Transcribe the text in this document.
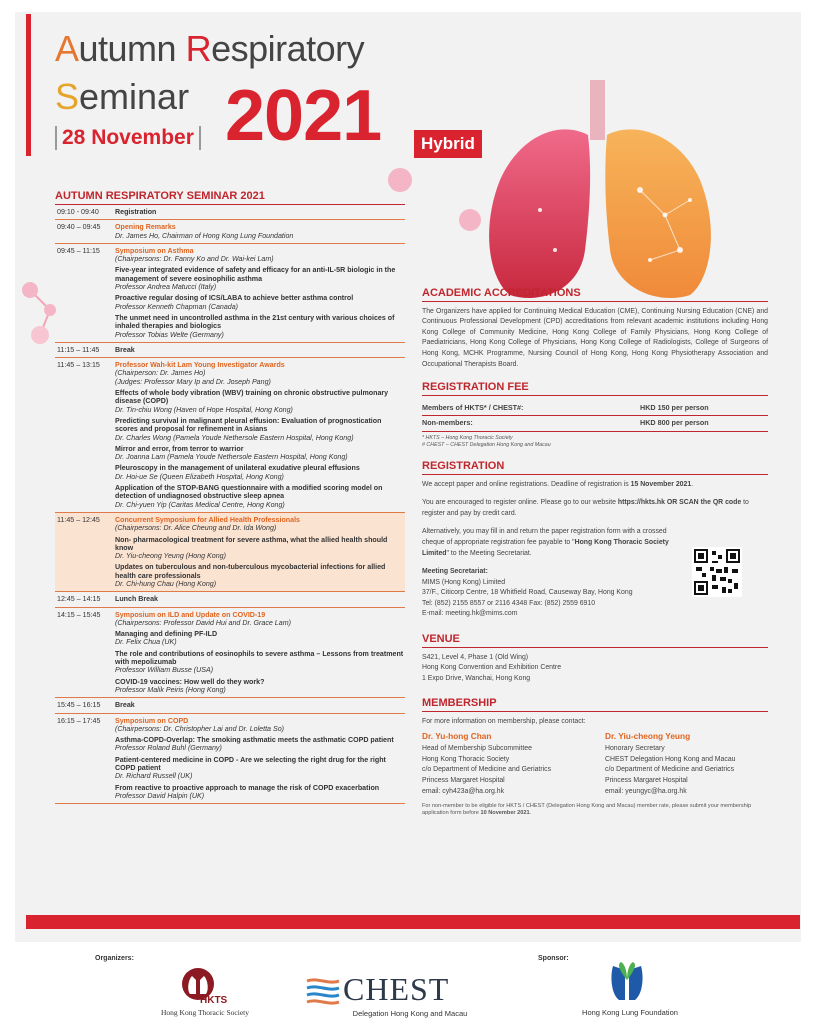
Autumn Respiratory
Seminar 2021
28 November	Hybrid
AUTUMN RESPIRATORY SEMINAR 2021
09:10 - 09:40	Registration
09:40 – 09:45	Opening Remarks
Dr. James Ho, Chairman of Hong Kong Lung Foundation
09:45 – 11:15	Symposium on Asthma
(Chairpersons: Dr. Fanny Ko and Dr. Wai-kei Lam)
Five-year integrated evidence of safety and efficacy for an anti-IL-5R biologic in the management of severe eosinophilic asthma
Professor Andrea Matucci (Italy)
Proactive regular dosing of ICS/LABA to achieve better asthma control
Professor Kenneth Chapman (Canada)
The unmet need in uncontrolled asthma in the 21st century with various choices of inhaled therapies and biologics
Professor Tobias Welte (Germany)
11:15 – 11:45	Break
11:45 – 13:15	Professor Wah-kit Lam Young Investigator Awards
(Chairperson: Dr. James Ho)
(Judges: Professor Mary Ip and Dr. Joseph Pang)
Effects of whole body vibration (WBV) training on chronic obstructive pulmonary disease (COPD)
Dr. Tin-chiu Wong (Haven of Hope Hospital, Hong Kong)
Predicting survival in malignant pleural effusion: Evaluation of prognostication scores and proposal for refinement in Asians
Dr. Charles Wong (Pamela Youde Nethersole Eastern Hospital, Hong Kong)
Mirror and error, from terror to warrior
Dr. Joanna Lam (Pamela Youde Nethersole Eastern Hospital, Hong Kong)
Pleuroscopy in the management of unilateral exudative pleural effusions
Dr. Hoi-ue Se (Queen Elizabeth Hospital, Hong Kong)
Application of the STOP-BANG questionnaire with a modified scoring model on detection of undiagnosed obstructive sleep apnea
Dr. Chi-yuen Yip (Caritas Medical Centre, Hong Kong)
11:45 – 12:45	Concurrent Symposium for Allied Health Professionals
(Chairpersons: Dr. Alice Cheung and Dr. Ida Wong)
Non- pharmacological treatment for severe asthma, what the allied health should know
Dr. Yiu-cheong Yeung (Hong Kong)
Updates on tuberculous and non-tuberculous mycobacterial infections for allied health care professionals
Dr. Chi-hung Chau (Hong Kong)
12:45 – 14:15	Lunch Break
14:15 – 15:45	Symposium on ILD and Update on COVID-19
(Chairpersons: Professor David Hui and Dr. Grace Lam)
Managing and defining PF-ILD
Dr. Felix Chua (UK)
The role and contributions of eosinophils to severe asthma – Lessons from treatment with mepolizumab
Professor William Busse (USA)
COVID-19 vaccines: How well do they work?
Professor Malik Peiris (Hong Kong)
15:45 – 16:15	Break
16:15 – 17:45	Symposium on COPD
(Chairpersons: Dr. Christopher Lai and Dr. Loletta So)
Asthma-COPD-Overlap: The smoking asthmatic meets the asthmatic COPD patient
Professor Roland Buhl (Germany)
Patient-centered medicine in COPD - Are we selecting the right drug for the right COPD patient
Dr. Richard Russell (UK)
From reactive to proactive approach to manage the risk of COPD exacerbation
Professor David Halpin (UK)
ACADEMIC ACCREDITATIONS

The Organizers have applied for Continuing Medical Education (CME), Continuing Nursing Education (CNE) and Continuous Professional Development (CPD) accreditations from relevant academic institutions including Hong Kong College of Community Medicine, Hong Kong College of Family Physicians, Hong Kong College of Paediatricians, Hong Kong College of Physicians, Hong Kong College of Radiologists, College of Surgeons of Hong Kong, MCHK Programme, Nursing Council of Hong Kong, Hong Kong Physiotherapy Association and Occupational Therapists Board.

REGISTRATION FEE
Members of HKTS* / CHEST#:	HKD 150 per person
Non-members:	HKD 800 per person
* HKTS – Hong Kong Thoracic Society
# CHEST – CHEST Delegation Hong Kong and Macau
REGISTRATION

We accept paper and online registrations. Deadline of registration is 15 November 2021.

You are encouraged to register online. Please go to our website https://hkts.hk OR SCAN the QR code to register and pay by credit card.

Alternatively, you may fill in and return the paper registration form with a crossed cheque of appropriate registration fee payable to "Hong Kong Thoracic Society Limited" to the Meeting Secretariat.

Meeting Secretariat:

MIMS (Hong Kong) Limited
37/F., Citicorp Centre, 18 Whitfield Road, Causeway Bay, Hong Kong
Tel: (852) 2155 8557 or 2116 4348 Fax: (852) 2559 6910
E-mail: meeting.hk@mims.com
VENUE
S421, Level 4, Phase 1 (Old Wing)
Hong Kong Convention and Exhibition Centre
1 Expo Drive, Wanchai, Hong Kong
MEMBERSHIP
For more information on membership, please contact:
Dr. Yu-hong Chan
Head of Membership Subcommittee
Hong Kong Thoracic Society
c/o Department of Medicine and Geriatrics
Princess Margaret Hospital
email: cyh423a@ha.org.hk
Dr. Yiu-cheong Yeung
Honorary Secretary
CHEST Delegation Hong Kong and Macau
c/o Department of Medicine and Geriatrics
Princess Margaret Hospital
email: yeungyc@ha.org.hk
For non-member to be eligible for HKTS / CHEST (Delegation Hong Kong and Macau) member rate, please submit your membership application form before 10 November 2021.
Organizers:	Sponsor:
HKTS
Hong Kong Thoracic Society
CHEST
Delegation Hong Kong and Macau	Hong Kong Lung Foundation
